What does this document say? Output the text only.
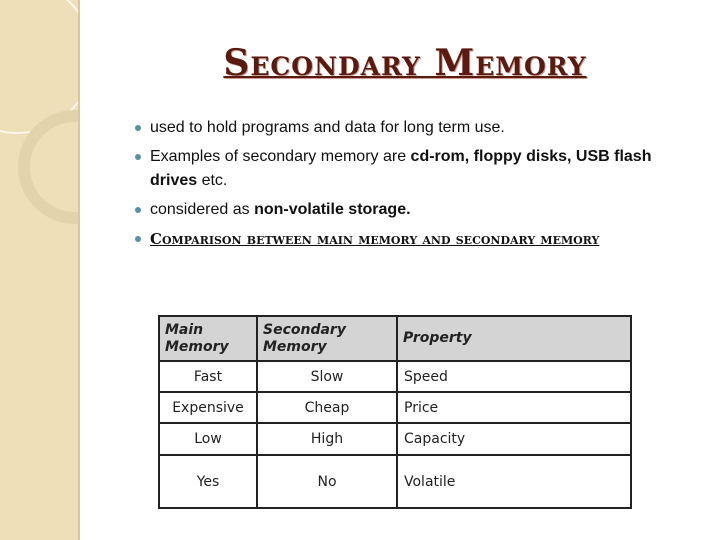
Secondary Memory
used to hold programs and data for long term use.
Examples of secondary memory are cd-rom, floppy disks, USB flash drives etc.
considered as non-volatile storage.
Comparison between main memory and secondary memory
Main Memory	Secondary Memory	Property
Fast	Slow	Speed
Expensive	Cheap	Price
Low	High	Capacity
Yes	No	Volatile
